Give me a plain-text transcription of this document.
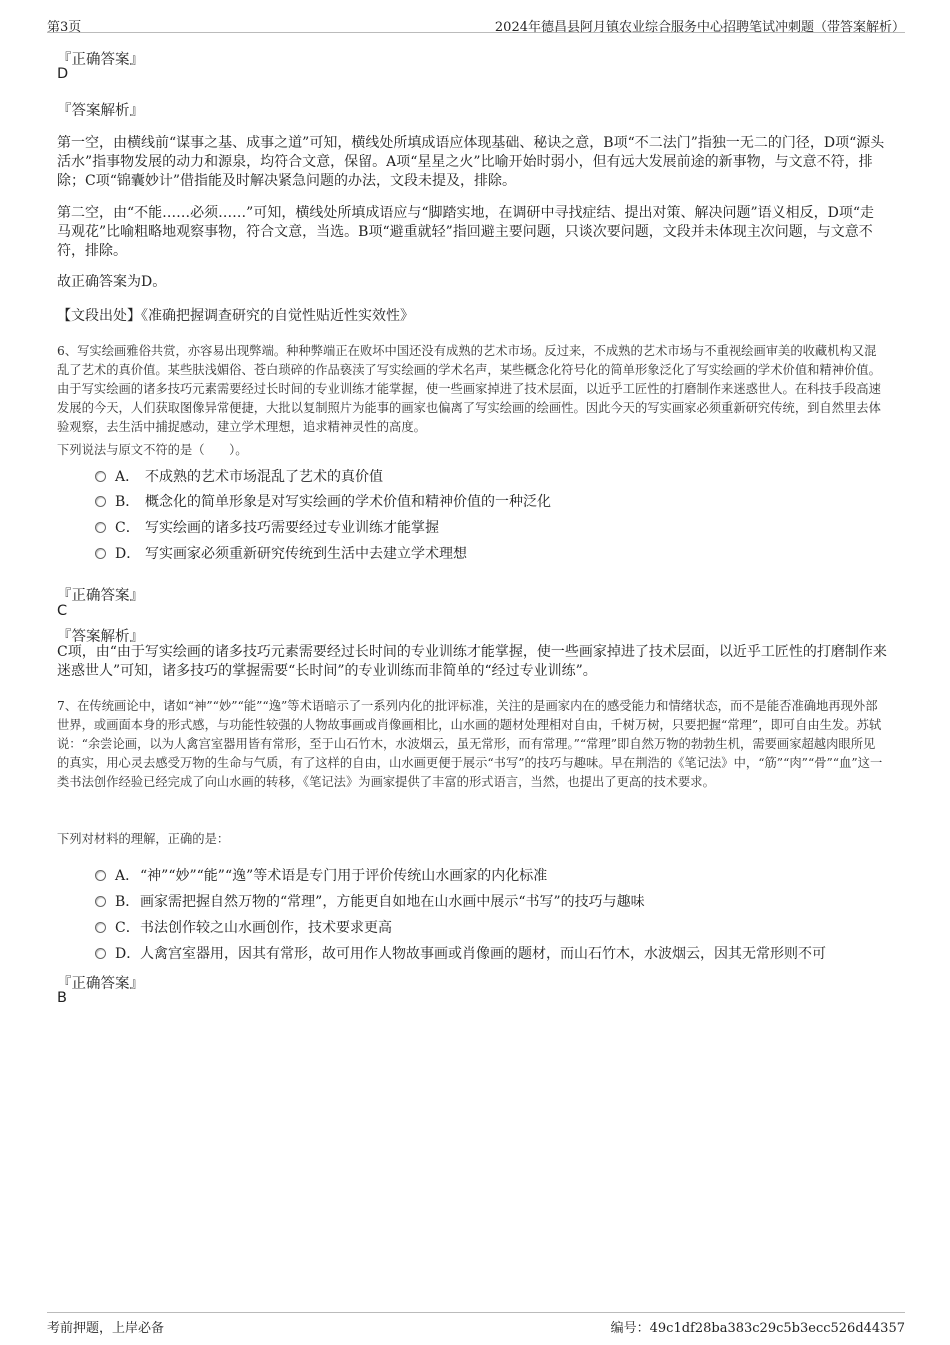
第3页	2024年德昌县阿月镇农业综合服务中心招聘笔试冲刺题（带答案解析）
『正确答案』
D
『答案解析』
第一空，由横线前“谋事之基、成事之道”可知，横线处所填成语应体现基础、秘诀之意，B项“不二法门”指独一无二的门径，D项“源头活水”指事物发展的动力和源泉，均符合文意，保留。A项“星星之火”比喻开始时弱小，但有远大发展前途的新事物，与文意不符，排除；C项“锦囊妙计”借指能及时解决紧急问题的办法，文段未提及，排除。
第二空，由“不能……必须……”可知，横线处所填成语应与“脚踏实地，在调研中寻找症结、提出对策、解决问题”语义相反，D项“走马观花”比喻粗略地观察事物，符合文意，当选。B项“避重就轻”指回避主要问题，只谈次要问题，文段并未体现主次问题，与文意不符，排除。
故正确答案为D。
【文段出处】《准确把握调查研究的自觉性贴近性实效性》
6、写实绘画雅俗共赏，亦容易出现弊端。种种弊端正在败坏中国还没有成熟的艺术市场。反过来，不成熟的艺术市场与不重视绘画审美的收藏机构又混乱了艺术的真价值。某些肤浅媚俗、苍白琐碎的作品亵渎了写实绘画的学术名声，某些概念化符号化的简单形象泛化了写实绘画的学术价值和精神价值。由于写实绘画的诸多技巧元素需要经过长时间的专业训练才能掌握，使一些画家掉进了技术层面，以近乎工匠性的打磨制作来迷惑世人。在科技手段高速发展的今天，人们获取图像异常便捷，大批以复制照片为能事的画家也偏离了写实绘画的绘画性。因此今天的写实画家必须重新研究传统，到自然里去体验观察，去生活中捕捉感动，建立学术理想，追求精神灵性的高度。
下列说法与原文不符的是（　　）。
A． 不成熟的艺术市场混乱了艺术的真价值
B． 概念化的简单形象是对写实绘画的学术价值和精神价值的一种泛化
C． 写实绘画的诸多技巧需要经过专业训练才能掌握
D． 写实画家必须重新研究传统到生活中去建立学术理想
『正确答案』
C
『答案解析』
C项，由“由于写实绘画的诸多技巧元素需要经过长时间的专业训练才能掌握，使一些画家掉进了技术层面，以近乎工匠性的打磨制作来迷惑世人”可知，诸多技巧的掌握需要“长时间”的专业训练而非简单的“经过专业训练”。
7、在传统画论中，诸如“神”“妙”“能”“逸”等术语暗示了一系列内化的批评标准，关注的是画家内在的感受能力和情绪状态，而不是能否准确地再现外部世界，或画面本身的形式感，与功能性较强的人物故事画或肖像画相比，山水画的题材处理相对自由，千树万树，只要把握“常理”，即可自由生发。苏轼说：“余尝论画，以为人禽宫室器用皆有常形，至于山石竹木，水波烟云，虽无常形，而有常理。”“常理”即自然万物的勃勃生机，需要画家超越肉眼所见的真实，用心灵去感受万物的生命与气质，有了这样的自由，山水画更便于展示“书写”的技巧与趣味。早在荆浩的《笔记法》中，“筋”“肉”“骨”“血”这一类书法创作经验已经完成了向山水画的转移，《笔记法》为画家提供了丰富的形式语言，当然，也提出了更高的技术要求。
下列对材料的理解，正确的是：
A． “神”“妙”“能”“逸”等术语是专门用于评价传统山水画家的内化标准
B． 画家需把握自然万物的“常理”，方能更自如地在山水画中展示“书写”的技巧与趣味
C． 书法创作较之山水画创作，技术要求更高
D． 人禽宫室器用，因其有常形，故可用作人物故事画或肖像画的题材，而山石竹木，水波烟云，因其无常形则不可
『正确答案』
B
考前押题，上岸必备	编号：49c1df28ba383c29c5b3ecc526d44357
